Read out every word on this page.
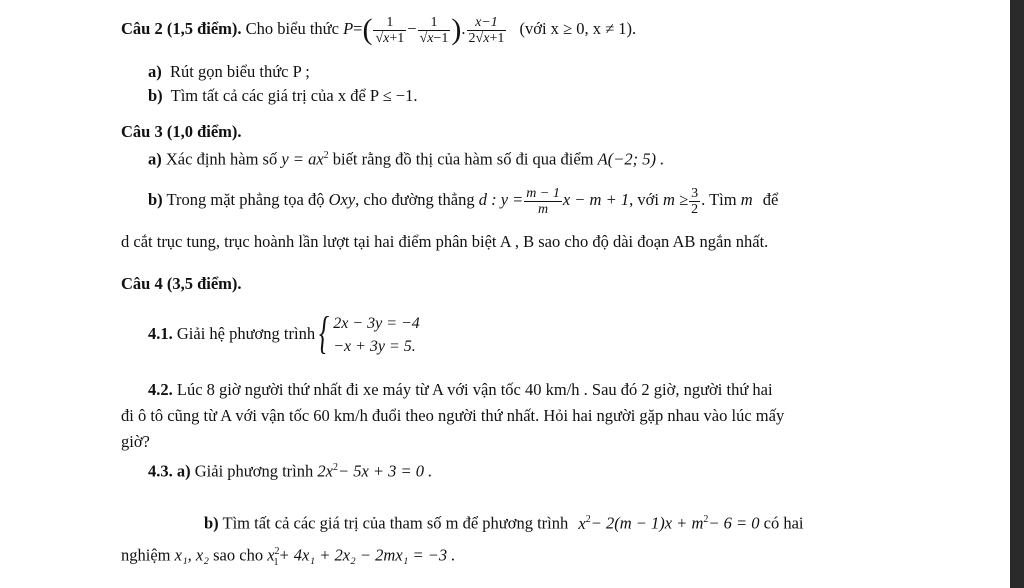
Câu 2 (1,5 điểm). Cho biểu thức $P=( \frac{1}{√x+1} - \frac{1}{√x-1}$ ). $\frac{x-1}{2√x+1}$ (với x ≥ 0, x ≠ 1).
a) Rút gọn biểu thức P ;
b) Tìm tất cả các giá trị của x để P ≤ −1.
Câu 3 (1,0 điểm).
a) Xác định hàm số $y = ax^2$ biết rằng đồ thị của hàm số đi qua điểm A(−2; 5) .
b) Trong mặt phẳng tọa độ Oxy, cho đường thẳng d : $y = \frac{m - 1}{m}$ x − m + 1, với $m \ge \frac{3}{2}$ . Tìm m để
d cắt trục tung, trục hoành lần lượt tại hai điểm phân biệt A , B sao cho độ dài đoạn AB ngắn nhất.
Câu 4 (3,5 điểm).
4.1. Giải hệ phương trình { 2x − 3y = −4
−x + 3y = 5.
4.2. Lúc 8 giờ người thứ nhất đi xe máy từ A với vận tốc 40 km/h . Sau đó 2 giờ, người thứ hai
đi ô tô cũng từ A với vận tốc 60 km/h đuổi theo người thứ nhất. Hỏi hai người gặp nhau vào lúc mấy
giờ?
4.3. a) Giải phương trình $2x^2- 5x + 3 = 0$ .
b) Tìm tất cả các giá trị của tham số m để phương trình $x^2- 2(m - 1)x + m^2- 6 = 0$ có hai
nghiệm x₁, x₂ sao cho $x^2_1+ 4x_1 + 2x_2 - 2mx_1 = -3$ .
